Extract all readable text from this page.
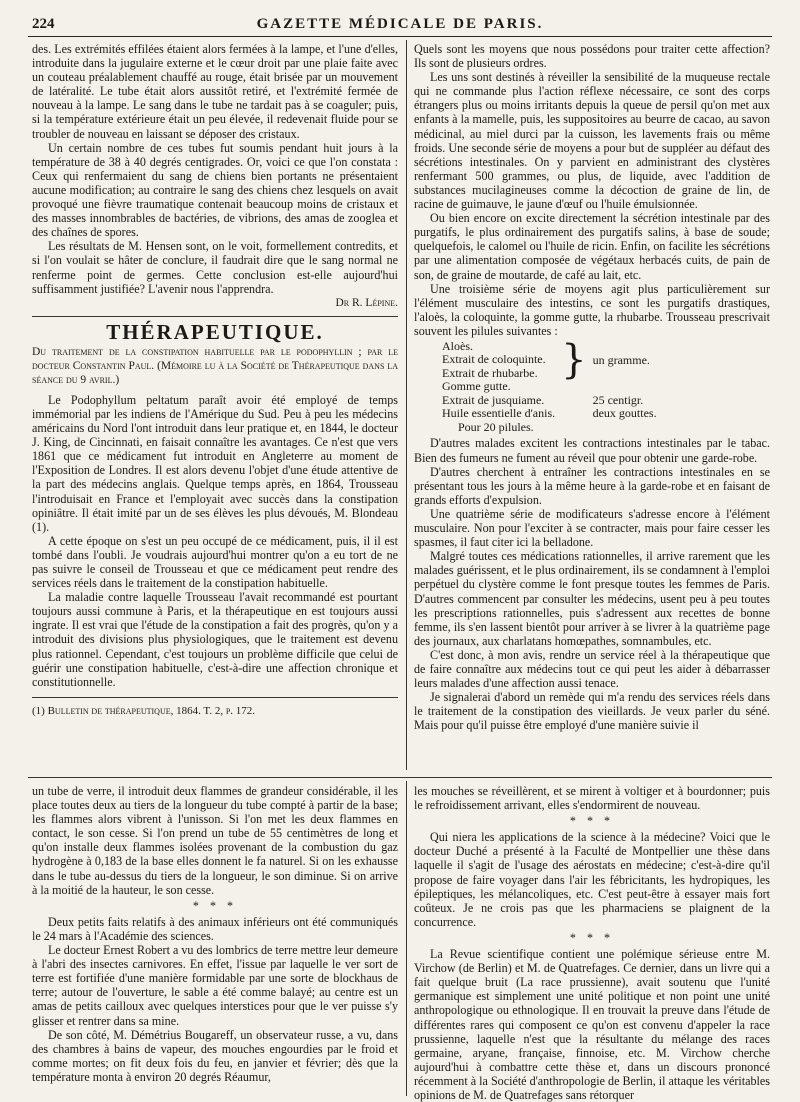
224	GAZETTE MÉDICALE DE PARIS.

des. Les extrémités effilées étaient alors fermées à la lampe, et l'une d'elles, introduite dans la jugulaire externe et le cœur droit par une plaie faite avec un couteau préalablement chauffé au rouge, était brisée par un mouvement de latéralité. Le tube était alors aussitôt retiré, et l'extrémité fermée de nouveau à la lampe. Le sang dans le tube ne tardait pas à se coaguler; puis, si la température extérieure était un peu élevée, il redevenait fluide pour se troubler de nouveau en laissant se déposer des cristaux.

Un certain nombre de ces tubes fut soumis pendant huit jours à la température de 38 à 40 degrés centigrades. Or, voici ce que l'on constata : Ceux qui renfermaient du sang de chiens bien portants ne présentaient aucune modification; au contraire le sang des chiens chez lesquels on avait provoqué une fièvre traumatique contenait beaucoup moins de cristaux et des masses innombrables de bactéries, de vibrions, des amas de zooglea et des chaînes de spores.

Les résultats de M. Hensen sont, on le voit, formellement contredits, et si l'on voulait se hâter de conclure, il faudrait dire que le sang normal ne renferme point de germes. Cette conclusion est-elle aujourd'hui suffisamment justifiée? L'avenir nous l'apprendra.

Dr R. Lépine.

THÉRAPEUTIQUE.

Du traitement de la constipation habituelle par le podophyllin ; par le docteur Constantin Paul. (Mémoire lu à la Société de Thérapeutique dans la séance du 9 avril.)

Le Podophyllum peltatum paraît avoir été employé de temps immémorial par les indiens de l'Amérique du Sud. Peu à peu les médecins américains du Nord l'ont introduit dans leur pratique et, en 1844, le docteur J. King, de Cincinnati, en faisait connaître les avantages. Ce n'est que vers 1861 que ce médicament fut introduit en Angleterre au moment de l'Exposition de Londres. Il est alors devenu l'objet d'une étude attentive de la part des médecins anglais. Quelque temps après, en 1864, Trousseau l'introduisait en France et l'employait avec succès dans la constipation opiniâtre. Il était imité par un de ses élèves les plus dévoués, M. Blondeau (1).

A cette époque on s'est un peu occupé de ce médicament, puis, il il est tombé dans l'oubli. Je voudrais aujourd'hui montrer qu'on a eu tort de ne pas suivre le conseil de Trousseau et que ce médicament peut rendre des services réels dans le traitement de la constipation habituelle.

La maladie contre laquelle Trousseau l'avait recommandé est pourtant toujours aussi commune à Paris, et la thérapeutique en est toujours aussi ingrate. Il est vrai que l'étude de la constipation a fait des progrès, qu'on y a introduit des divisions plus physiologiques, que le traitement est devenu plus rationnel. Cependant, c'est toujours un problème difficile que celui de guérir une constipation habituelle, c'est-à-dire une affection chronique et constitutionnelle.

(1) Bulletin de thérapeutique, 1864. T. 2, p. 172.

Quels sont les moyens que nous possédons pour traiter cette affection? Ils sont de plusieurs ordres.

Les uns sont destinés à réveiller la sensibilité de la muqueuse rectale qui ne commande plus l'action réflexe nécessaire, ce sont des corps étrangers plus ou moins irritants depuis la queue de persil qu'on met aux enfants à la mamelle, puis, les suppositoires au beurre de cacao, au savon médicinal, au miel durci par la cuisson, les lavements frais ou même froids. Une seconde série de moyens a pour but de suppléer au défaut des sécrétions intestinales. On y parvient en administrant des clystères renfermant 500 grammes, ou plus, de liquide, avec l'addition de substances mucilagineuses comme la décoction de graine de lin, de racine de guimauve, le jaune d'œuf ou l'huile émulsionnée.

Ou bien encore on excite directement la sécrétion intestinale par des purgatifs, le plus ordinairement des purgatifs salins, à base de soude; quelquefois, le calomel ou l'huile de ricin. Enfin, on facilite les sécrétions par une alimentation composée de végétaux herbacés cuits, de pain de son, de graine de moutarde, de café au lait, etc.

Une troisième série de moyens agit plus particulièrement sur l'élément musculaire des intestins, ce sont les purgatifs drastiques, l'aloès, la coloquinte, la gomme gutte, la rhubarbe. Trousseau prescrivait souvent les pilules suivantes :

Aloès.
Extrait de coloquinte.
Extrait de rhubarbe.
Gomme gutte.	}	un gramme.
Extrait de jusquiame.		25 centigr.
Huile essentielle d'anis.		deux gouttes.
Pour 20 pilules.		

D'autres malades excitent les contractions intestinales par le tabac. Bien des fumeurs ne fument au réveil que pour obtenir une garde-robe.

D'autres cherchent à entraîner les contractions intestinales en se présentant tous les jours à la même heure à la garde-robe et en faisant de grands efforts d'expulsion.

Une quatrième série de modificateurs s'adresse encore à l'élément musculaire. Non pour l'exciter à se contracter, mais pour faire cesser les spasmes, il faut citer ici la belladone.

Malgré toutes ces médications rationnelles, il arrive rarement que les malades guérissent, et le plus ordinairement, ils se condamnent à l'emploi perpétuel du clystère comme le font presque toutes les femmes de Paris. D'autres commencent par consulter les médecins, usent peu à peu toutes les prescriptions rationnelles, puis s'adressent aux recettes de bonne femme, ils s'en lassent bientôt pour arriver à se livrer à la quatrième page des journaux, aux charlatans homœpathes, somnambules, etc.

C'est donc, à mon avis, rendre un service réel à la thérapeutique que de faire connaître aux médecins tout ce qui peut les aider à débarrasser leurs malades d'une affection aussi tenace.

Je signalerai d'abord un remède qui m'a rendu des services réels dans le traitement de la constipation des vieillards. Je veux parler du séné. Mais pour qu'il puisse être employé d'une manière suivie il

un tube de verre, il introduit deux flammes de grandeur considérable, il les place toutes deux au tiers de la longueur du tube compté à partir de la base; les flammes alors vibrent à l'unisson. Si l'on met les deux flammes en contact, le son cesse. Si l'on prend un tube de 55 centimètres de long et qu'on installe deux flammes isolées provenant de la combustion du gaz hydrogène à 0,183 de la base elles donnent le fa naturel. Si on les exhausse dans le tube au-dessus du tiers de la longueur, le son diminue. Si on arrive à la moitié de la hauteur, le son cesse.

* * *

Deux petits faits relatifs à des animaux inférieurs ont été communiqués le 24 mars à l'Académie des sciences.

Le docteur Ernest Robert a vu des lombrics de terre mettre leur demeure à l'abri des insectes carnivores. En effet, l'issue par laquelle le ver sort de terre est fortifiée d'une manière formidable par une sorte de blockhaus de terre; autour de l'ouverture, le sable a été comme balayé; au centre est un amas de petits cailloux avec quelques interstices pour que le ver puisse s'y glisser et rentrer dans sa mine.

De son côté, M. Démétrius Bougareff, un observateur russe, a vu, dans des chambres à bains de vapeur, des mouches engourdies par le froid et comme mortes; on fit deux fois du feu, en janvier et février; dès que la température monta à environ 20 degrés Réaumur,

les mouches se réveillèrent, et se mirent à voltiger et à bourdonner; puis le refroidissement arrivant, elles s'endormirent de nouveau.

* * *

Qui niera les applications de la science à la médecine? Voici que le docteur Duché a présenté à la Faculté de Montpellier une thèse dans laquelle il s'agit de l'usage des aérostats en médecine; c'est-à-dire qu'il propose de faire voyager dans l'air les fébricitants, les hydropiques, les épileptiques, les mélancoliques, etc. C'est peut-être à essayer mais fort coûteux. Je ne crois pas que les pharmaciens se plaignent de la concurrence.

* * *

La Revue scientifique contient une polémique sérieuse entre M. Virchow (de Berlin) et M. de Quatrefages. Ce dernier, dans un livre qui a fait quelque bruit (La race prussienne), avait soutenu que l'unité germanique est simplement une unité politique et non point une unité anthropologique ou ethnologique. Il en trouvait la preuve dans l'étude de différentes rares qui composent ce qu'on est convenu d'appeler la race prussienne, laquelle n'est que la résultante du mélange des races germaine, aryane, française, finnoise, etc. M. Virchow cherche aujourd'hui à combattre cette thèse et, dans un discours prononcé récemment à la Société d'anthropologie de Berlin, il attaque les véritables opinions de M. de Quatrefages sans rétorquer
